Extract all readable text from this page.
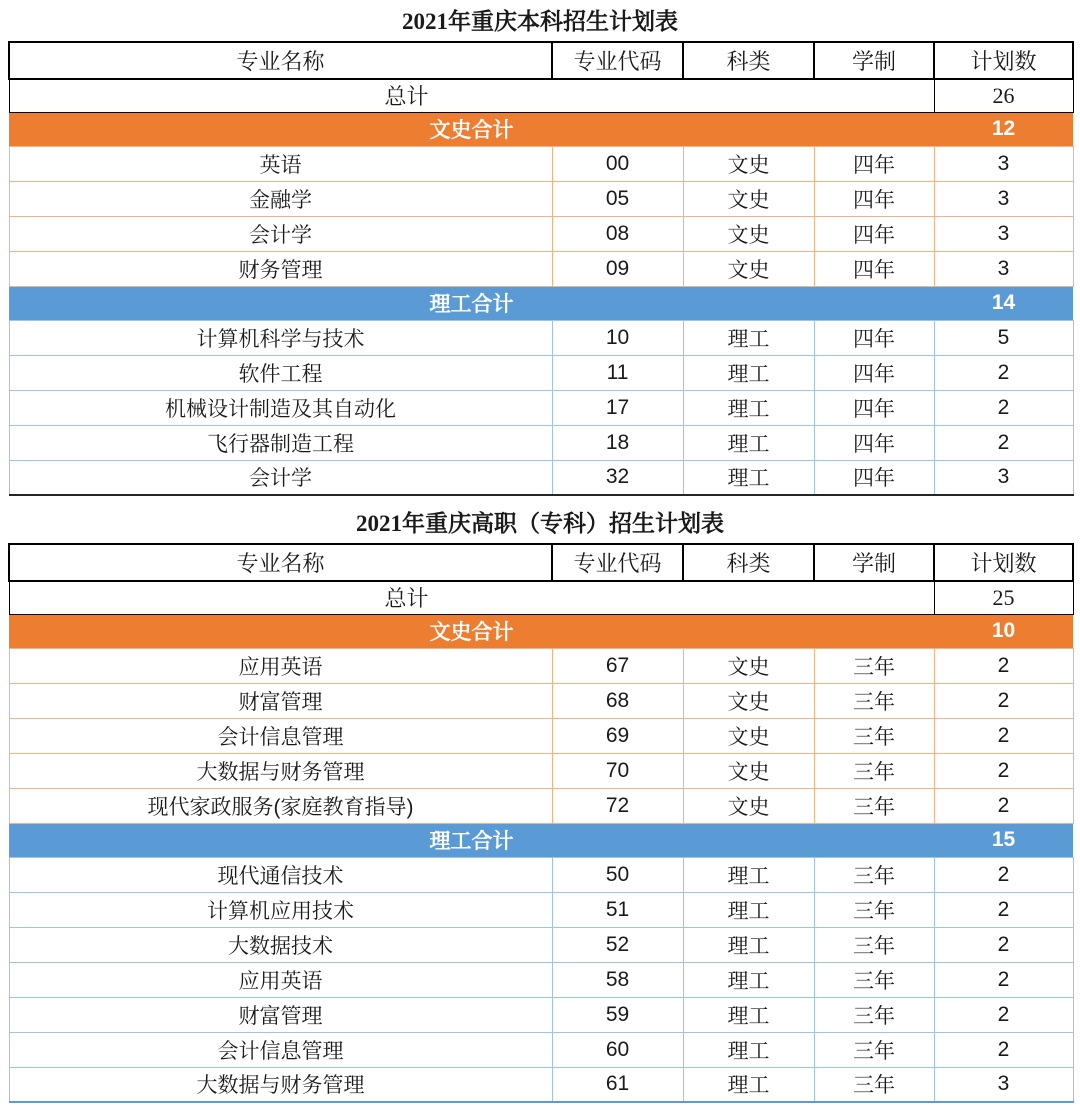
2021年重庆本科招生计划表
专业名称	专业代码	科类	学制	计划数
总计				26
文史合计				12
英语	00	文史	四年	3
金融学	05	文史	四年	3
会计学	08	文史	四年	3
财务管理	09	文史	四年	3
理工合计				14
计算机科学与技术	10	理工	四年	5
软件工程	11	理工	四年	2
机械设计制造及其自动化	17	理工	四年	2
飞行器制造工程	18	理工	四年	2
会计学	32	理工	四年	3
2021年重庆高职（专科）招生计划表
专业名称	专业代码	科类	学制	计划数
总计				25
文史合计				10
应用英语	67	文史	三年	2
财富管理	68	文史	三年	2
会计信息管理	69	文史	三年	2
大数据与财务管理	70	文史	三年	2
现代家政服务(家庭教育指导)	72	文史	三年	2
理工合计				15
现代通信技术	50	理工	三年	2
计算机应用技术	51	理工	三年	2
大数据技术	52	理工	三年	2
应用英语	58	理工	三年	2
财富管理	59	理工	三年	2
会计信息管理	60	理工	三年	2
大数据与财务管理	61	理工	三年	3
